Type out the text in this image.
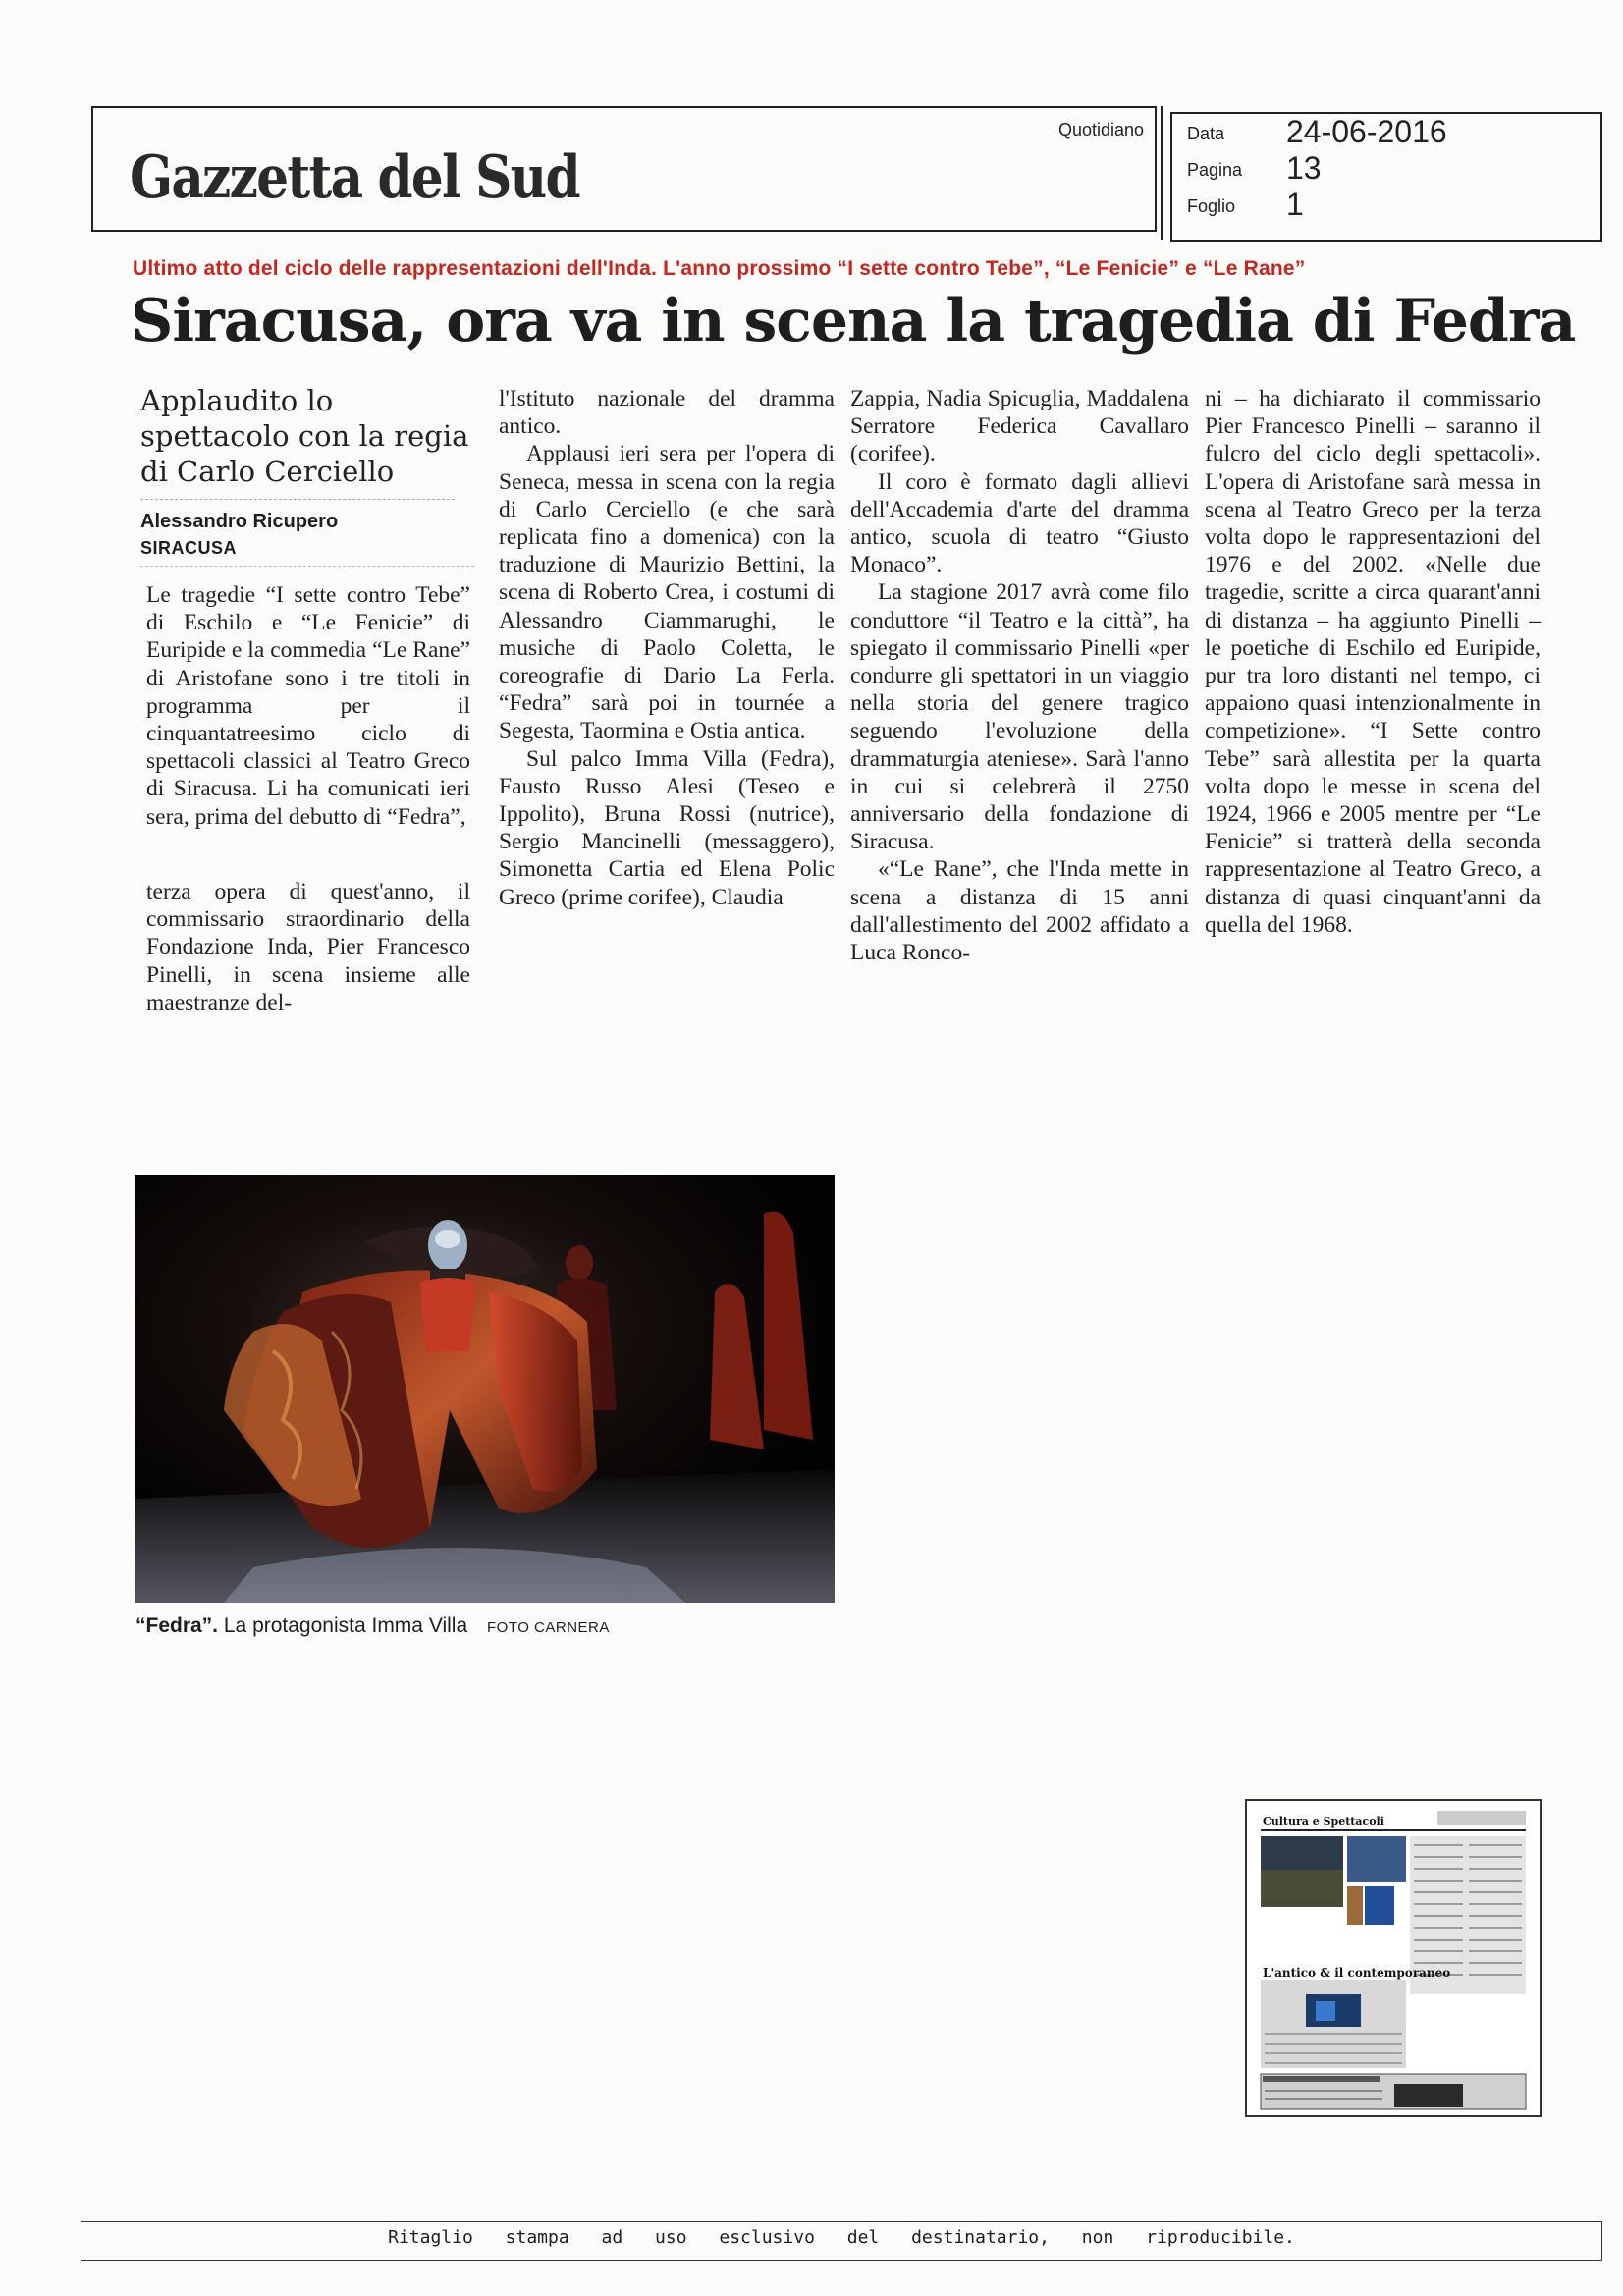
Gazzetta del Sud
Quotidiano Data 24-06-2016
Pagina 13
Foglio 1
Ultimo atto del ciclo delle rappresentazioni dell'Inda. L'anno prossimo “I sette contro Tebe”, “Le Fenicie” e “Le Rane”
Siracusa, ora va in scena la tragedia di Fedra
Applaudito lo spettacolo con la regia di Carlo Cerciello
Alessandro Ricupero
SIRACUSA

Le tragedie “I sette contro Tebe” di Eschilo e “Le Fenicie” di Euripide e la commedia “Le Rane” di Aristofane sono i tre titoli in programma per il cinquantatreesimo ciclo di spettacoli classici al Teatro Greco di Siracusa. Li ha comunicati ieri sera, prima del debutto di “Fedra”,

terza opera di quest'anno, il commissario straordinario della Fondazione Inda, Pier Francesco Pinelli, in scena insieme alle maestranze del-

l'Istituto nazionale del dramma antico.

Applausi ieri sera per l'opera di Seneca, messa in scena con la regia di Carlo Cerciello (e che sarà replicata fino a domenica) con la traduzione di Maurizio Bettini, la scena di Roberto Crea, i costumi di Alessandro Ciammarughi, le musiche di Paolo Coletta, le coreografie di Dario La Ferla. “Fedra” sarà poi in tournée a Segesta, Taormina e Ostia antica.

Sul palco Imma Villa (Fedra), Fausto Russo Alesi (Teseo e Ippolito), Bruna Rossi (nutrice), Sergio Mancinelli (messaggero), Simonetta Cartia ed Elena Polic Greco (prime corifee), Claudia

Zappia, Nadia Spicuglia, Maddalena Serratore Federica Cavallaro (corifee).

Il coro è formato dagli allievi dell'Accademia d'arte del dramma antico, scuola di teatro “Giusto Monaco”.

La stagione 2017 avrà come filo conduttore “il Teatro e la città”, ha spiegato il commissario Pinelli «per condurre gli spettatori in un viaggio nella storia del genere tragico seguendo l'evoluzione della drammaturgia ateniese». Sarà l'anno in cui si celebrerà il 2750 anniversario della fondazione di Siracusa.

«“Le Rane”, che l'Inda mette in scena a distanza di 15 anni dall'allestimento del 2002 affidato a Luca Ronco-

ni – ha dichiarato il commissario Pier Francesco Pinelli – saranno il fulcro del ciclo degli spettacoli». L'opera di Aristofane sarà messa in scena al Teatro Greco per la terza volta dopo le rappresentazioni del 1976 e del 2002. «Nelle due tragedie, scritte a circa quarant'anni di distanza – ha aggiunto Pinelli – le poetiche di Eschilo ed Euripide, pur tra loro distanti nel tempo, ci appaiono quasi intenzionalmente in competizione». “I Sette contro Tebe” sarà allestita per la quarta volta dopo le messe in scena del 1924, 1966 e 2005 mentre per “Le Fenicie” si tratterà della seconda rappresentazione al Teatro Greco, a distanza di quasi cinquant'anni da quella del 1968.

“Fedra”. La protagonista Imma Villa FOTO CARNERA
Cultura e Spettacoli
L'antico & il contemporaneo
Ritaglio stampa ad uso esclusivo del destinatario, non riproducibile.
